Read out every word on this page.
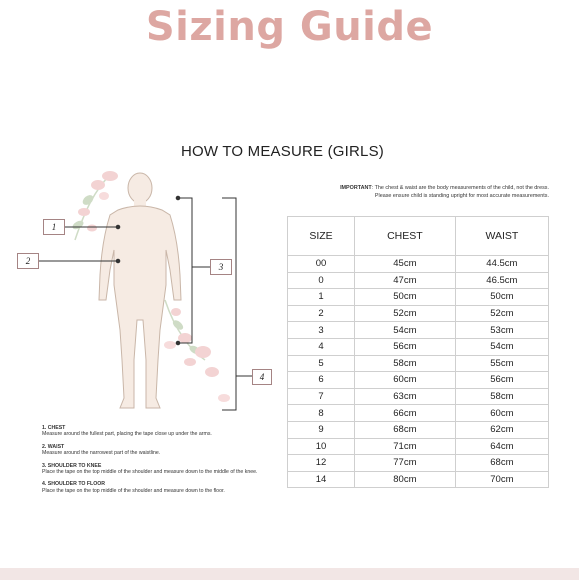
Sizing Guide
HOW TO MEASURE (GIRLS)
1
2
3
4
IMPORTANT: The chest & waist are the body measurements of the child, not the dress.
Please ensure child is standing upright for most accurate measurements.
SIZE	CHEST	WAIST
00	45cm	44.5cm
0	47cm	46.5cm
1	50cm	50cm
2	52cm	52cm
3	54cm	53cm
4	56cm	54cm
5	58cm	55cm
6	60cm	56cm
7	63cm	58cm
8	66cm	60cm
9	68cm	62cm
10	71cm	64cm
12	77cm	68cm
14	80cm	70cm
1. CHEST
Measure around the fullest part, placing the tape close up under the arms.
2. WAIST
Measure around the narrowest part of the waistline.
3. SHOULDER TO KNEE
Place the tape on the top middle of the shoulder and measure down to the middle of the knee.
4. SHOULDER TO FLOOR
Place the tape on the top middle of the shoulder and measure down to the floor.
